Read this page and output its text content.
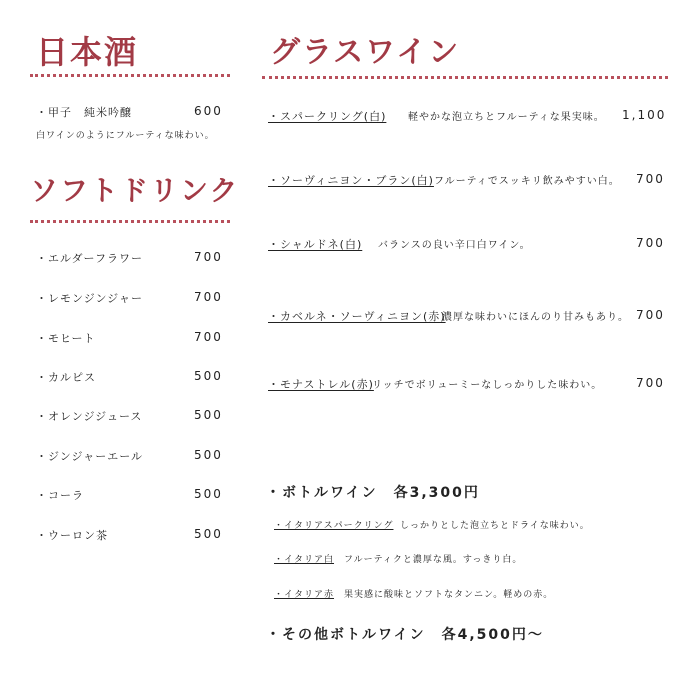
日本酒
・甲子　純米吟醸	600
白ワインのようにフルーティな味わい。
ソフトドリンク
・エルダーフラワー	700
・レモンジンジャー	700
・モヒート	700
・カルピス	500
・オレンジジュース	500
・ジンジャーエール	500
・コーラ	500
・ウーロン茶	500
グラスワイン
・スパークリング(白) 軽やかな泡立ちとフルーティな果実味。 1,100
・ソーヴィニヨン・ブラン(白) フルーティでスッキリ飲みやすい白。 700
・シャルドネ(白) バランスの良い辛口白ワイン。	700
・カベルネ・ソーヴィニヨン(赤)
濃厚な味わいにほんのり甘みもあり。 700
・モナストレル(赤)
リッチでボリューミーなしっかりした味わい。	700
・ボトルワイン　各3,300円
・イタリアスパークリング しっかりとした泡立ちとドライな味わい。
・イタリア白 フルーティクと濃厚な風。すっきり白。
・イタリア赤 果実感に酸味とソフトなタンニン。軽めの赤。
・その他ボトルワイン　各4,500円〜
